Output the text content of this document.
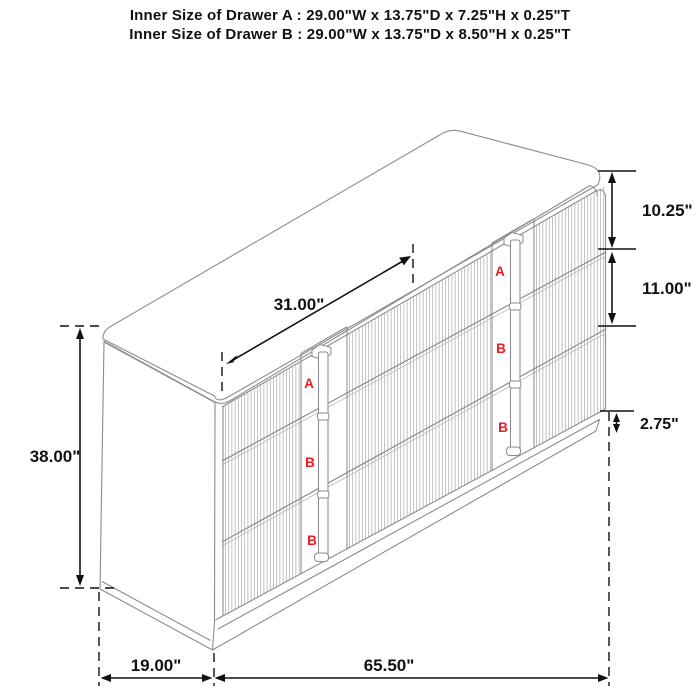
Inner Size of Drawer A : 29.00"W x 13.75"D x 7.25"H x 0.25"T
Inner Size of Drawer B : 29.00"W x 13.75"D x 8.50"H x 0.25"T
A
B
B
A
B
B
31.00"
38.00"
10.25"
11.00"
2.75"
19.00"	65.50"
